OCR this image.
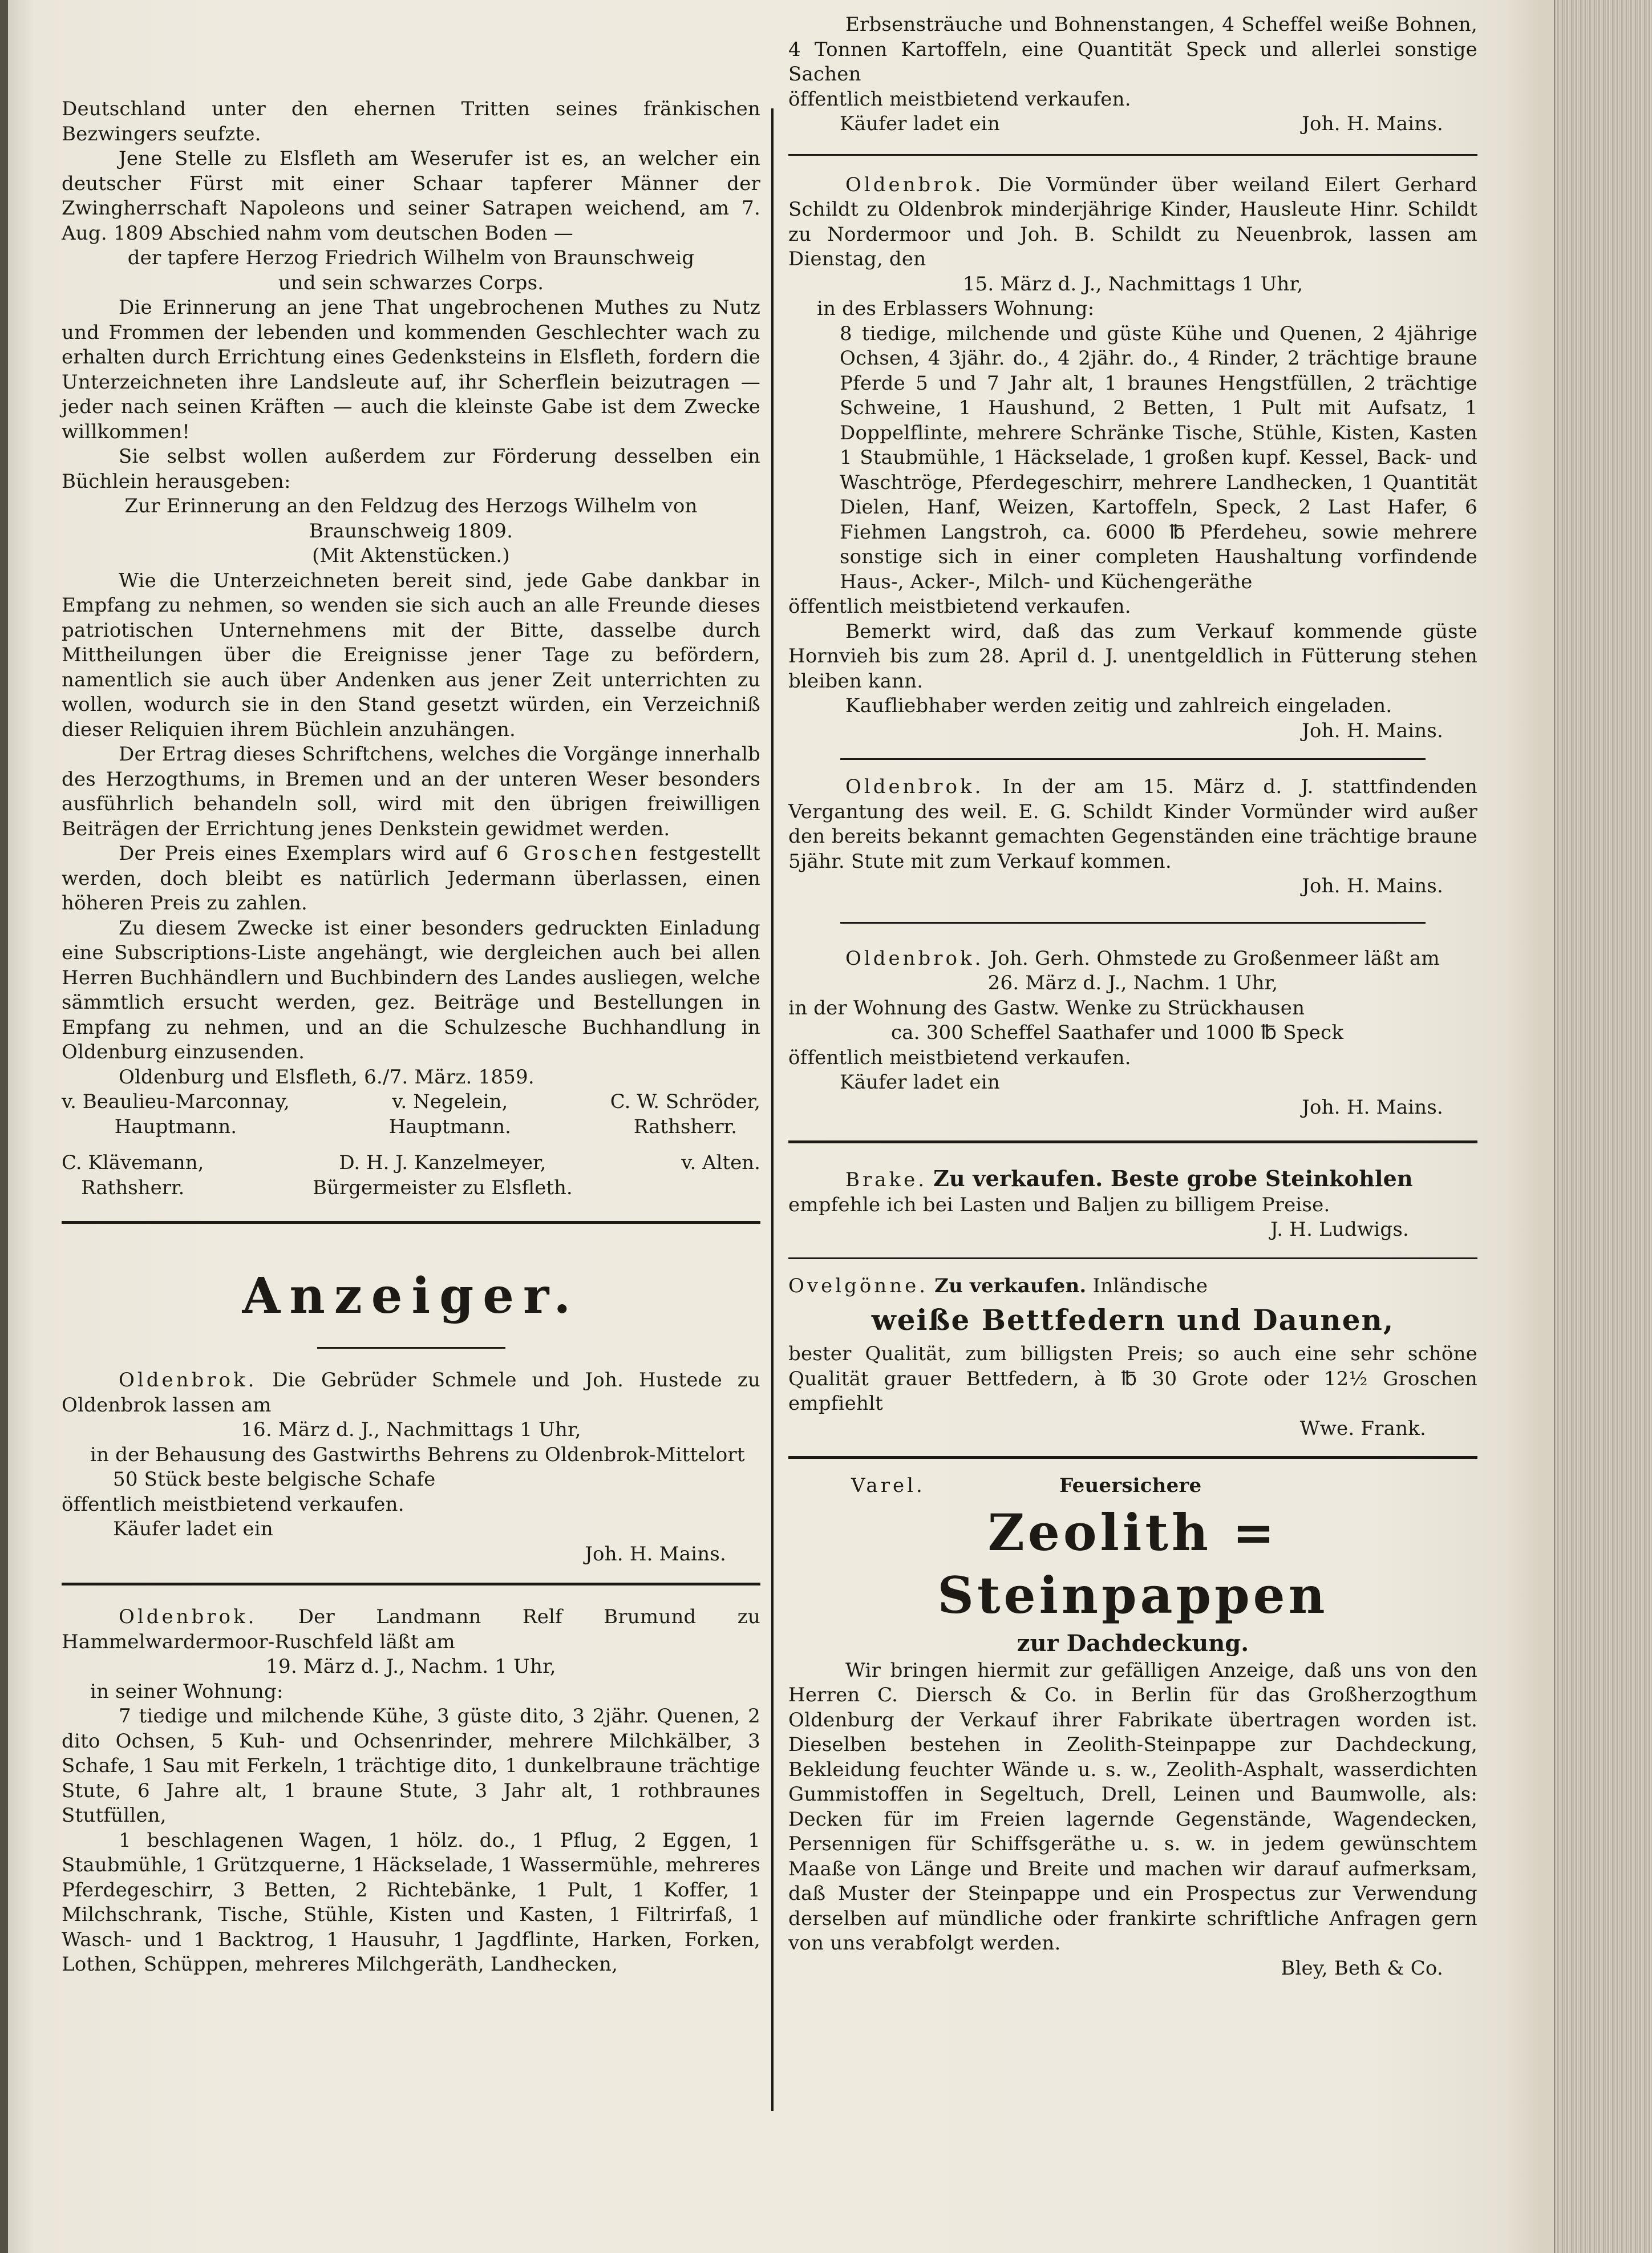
Deutschland unter den ehernen Tritten seines fränkischen Bezwingers seufzte.

Jene Stelle zu Elsfleth am Weserufer ist es, an welcher ein deutscher Fürst mit einer Schaar tapferer Männer der Zwingherrschaft Napoleons und seiner Satrapen weichend, am 7. Aug. 1809 Abschied nahm vom deutschen Boden —

der tapfere Herzog Friedrich Wilhelm von Braunschweig

und sein schwarzes Corps.

Die Erinnerung an jene That ungebrochenen Muthes zu Nutz und Frommen der lebenden und kommenden Geschlechter wach zu erhalten durch Errichtung eines Gedenksteins in Elsfleth, fordern die Unterzeichneten ihre Landsleute auf, ihr Scherflein beizutragen — jeder nach seinen Kräften — auch die kleinste Gabe ist dem Zwecke willkommen!

Sie selbst wollen außerdem zur Förderung desselben ein Büchlein herausgeben:

Zur Erinnerung an den Feldzug des Herzogs Wilhelm von Braunschweig 1809.

(Mit Aktenstücken.)

Wie die Unterzeichneten bereit sind, jede Gabe dankbar in Empfang zu nehmen, so wenden sie sich auch an alle Freunde dieses patriotischen Unternehmens mit der Bitte, dasselbe durch Mittheilungen über die Ereignisse jener Tage zu befördern, namentlich sie auch über Andenken aus jener Zeit unterrichten zu wollen, wodurch sie in den Stand gesetzt würden, ein Verzeichniß dieser Reliquien ihrem Büchlein anzuhängen.

Der Ertrag dieses Schriftchens, welches die Vorgänge innerhalb des Herzogthums, in Bremen und an der unteren Weser besonders ausführlich behandeln soll, wird mit den übrigen freiwilligen Beiträgen der Errichtung jenes Denkstein gewidmet werden.

Der Preis eines Exemplars wird auf 6 Groschen festgestellt werden, doch bleibt es natürlich Jedermann überlassen, einen höheren Preis zu zahlen.

Zu diesem Zwecke ist einer besonders gedruckten Einladung eine Subscriptions-Liste angehängt, wie dergleichen auch bei allen Herren Buchhändlern und Buchbindern des Landes ausliegen, welche sämmtlich ersucht werden, gez. Beiträge und Bestellungen in Empfang zu nehmen, und an die Schulzesche Buchhandlung in Oldenburg einzusenden.

Oldenburg und Elsfleth, 6./7. März. 1859.

v. Beaulieu-Marconnay,
Hauptmann.
v. Negelein,
Hauptmann.
C. W. Schröder,
Rathsherr.
C. Klävemann,
Rathsherr.
D. H. J. Kanzelmeyer,
Bürgermeister zu Elsfleth.
v. Alten.
Anzeiger.

Oldenbrok. Die Gebrüder Schmele und Joh. Hustede zu Oldenbrok lassen am

16. März d. J., Nachmittags 1 Uhr,

in der Behausung des Gastwirths Behrens zu Oldenbrok-Mittelort

50 Stück beste belgische Schafe

öffentlich meistbietend verkaufen.

Käufer ladet ein

Joh. H. Mains.

Oldenbrok. Der Landmann Relf Brumund zu Hammelwardermoor-Ruschfeld läßt am

19. März d. J., Nachm. 1 Uhr,

in seiner Wohnung:

7 tiedige und milchende Kühe, 3 güste dito, 3 2jähr. Quenen, 2 dito Ochsen, 5 Kuh- und Ochsenrinder, mehrere Milchkälber, 3 Schafe, 1 Sau mit Ferkeln, 1 trächtige dito, 1 dunkelbraune trächtige Stute, 6 Jahre alt, 1 braune Stute, 3 Jahr alt, 1 rothbraunes Stutfüllen,

1 beschlagenen Wagen, 1 hölz. do., 1 Pflug, 2 Eggen, 1 Staubmühle, 1 Grützquerne, 1 Häckselade, 1 Wassermühle, mehreres Pferdegeschirr, 3 Betten, 2 Richtebänke, 1 Pult, 1 Koffer, 1 Milchschrank, Tische, Stühle, Kisten und Kasten, 1 Filtrirfaß, 1 Wasch- und 1 Backtrog, 1 Hausuhr, 1 Jagdflinte, Harken, Forken, Lothen, Schüppen, mehreres Milchgeräth, Landhecken,

Erbsensträuche und Bohnenstangen, 4 Scheffel weiße Bohnen, 4 Tonnen Kartoffeln, eine Quantität Speck und allerlei sonstige Sachen

öffentlich meistbietend verkaufen.

Käufer ladet ein	Joh. H. Mains.

Oldenbrok. Die Vormünder über weiland Eilert Gerhard Schildt zu Oldenbrok minderjährige Kinder, Hausleute Hinr. Schildt zu Nordermoor und Joh. B. Schildt zu Neuenbrok, lassen am Dienstag, den

15. März d. J., Nachmittags 1 Uhr,

in des Erblassers Wohnung:

8 tiedige, milchende und güste Kühe und Quenen, 2 4jährige Ochsen, 4 3jähr. do., 4 2jähr. do., 4 Rinder, 2 trächtige braune Pferde 5 und 7 Jahr alt, 1 braunes Hengstfüllen, 2 trächtige Schweine, 1 Haushund, 2 Betten, 1 Pult mit Aufsatz, 1 Doppelflinte, mehrere Schränke Tische, Stühle, Kisten, Kasten 1 Staubmühle, 1 Häckselade, 1 großen kupf. Kessel, Back- und Waschtröge, Pferdegeschirr, mehrere Landhecken, 1 Quantität Dielen, Hanf, Weizen, Kartoffeln, Speck, 2 Last Hafer, 6 Fiehmen Langstroh, ca. 6000 ℔ Pferdeheu, sowie mehrere sonstige sich in einer completen Haushaltung vorfindende Haus-, Acker-, Milch- und Küchengeräthe

öffentlich meistbietend verkaufen.

Bemerkt wird, daß das zum Verkauf kommende güste Hornvieh bis zum 28. April d. J. unentgeldlich in Fütterung stehen bleiben kann.

Kaufliebhaber werden zeitig und zahlreich eingeladen.

Joh. H. Mains.

Oldenbrok. In der am 15. März d. J. stattfindenden Vergantung des weil. E. G. Schildt Kinder Vormünder wird außer den bereits bekannt gemachten Gegenständen eine trächtige braune 5jähr. Stute mit zum Verkauf kommen.

Joh. H. Mains.

Oldenbrok. Joh. Gerh. Ohmstede zu Großenmeer läßt am

26. März d. J., Nachm. 1 Uhr,

in der Wohnung des Gastw. Wenke zu Strückhausen

ca. 300 Scheffel Saathafer und 1000 ℔ Speck

öffentlich meistbietend verkaufen.

Käufer ladet ein

Joh. H. Mains.

Brake. Zu verkaufen. Beste grobe Steinkohlen

empfehle ich bei Lasten und Baljen zu billigem Preise.

J. H. Ludwigs.

Ovelgönne. Zu verkaufen. Inländische

weiße Bettfedern und Daunen,

bester Qualität, zum billigsten Preis; so auch eine sehr schöne Qualität grauer Bettfedern, à ℔ 30 Grote oder 12½ Groschen empfiehlt

Wwe. Frank.

Varel.	Feuersichere

Zeolith = Steinpappen
zur Dachdeckung.

Wir bringen hiermit zur gefälligen Anzeige, daß uns von den Herren C. Diersch & Co. in Berlin für das Großherzogthum Oldenburg der Verkauf ihrer Fabrikate übertragen worden ist. Dieselben bestehen in Zeolith-Steinpappe zur Dachdeckung, Bekleidung feuchter Wände u. s. w., Zeolith-Asphalt, wasserdichten Gummistoffen in Segeltuch, Drell, Leinen und Baumwolle, als: Decken für im Freien lagernde Gegenstände, Wagendecken, Persennigen für Schiffsgeräthe u. s. w. in jedem gewünschtem Maaße von Länge und Breite und machen wir darauf aufmerksam, daß Muster der Steinpappe und ein Prospectus zur Verwendung derselben auf mündliche oder frankirte schriftliche Anfragen gern von uns verabfolgt werden.

Bley, Beth & Co.
